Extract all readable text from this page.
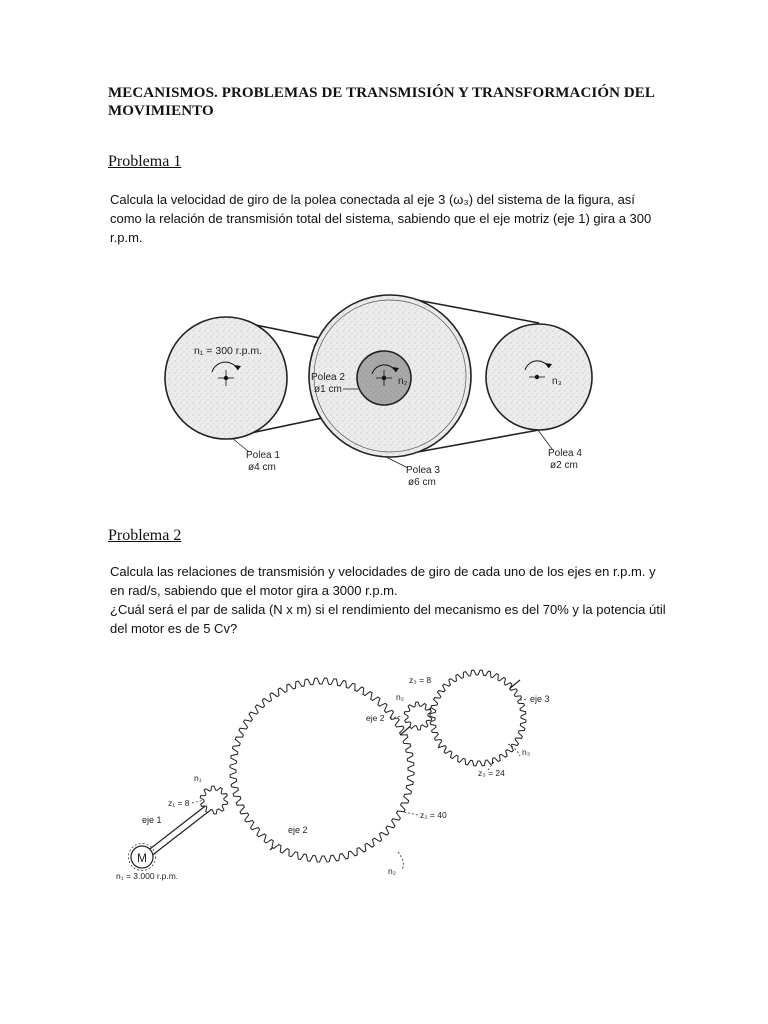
MECANISMOS. PROBLEMAS DE TRANSMISIÓN Y TRANSFORMACIÓN DEL
MOVIMIENTO
Problema 1
Calcula la velocidad de giro de la polea conectada al eje 3 (ω₃) del sistema de la figura, así
como la relación de transmisión total del sistema, sabiendo que el eje motriz (eje 1) gira a 300
r.p.m.
Problema 2
Calcula las relaciones de transmisión y velocidades de giro de cada uno de los ejes en r.p.m. y
en rad/s, sabiendo que el motor gira a 3000 r.p.m.
¿Cuál será el par de salida (N x m) si el rendimiento del mecanismo es del 70% y la potencia útil
del motor es de 5 Cv?
n₁ = 300 r.p.m.
n₂	n₃
Polea 2
ø1 cm
Polea 1
ø4 cm	Polea 3
ø6 cm
Polea 4
ø2 cm
M
n₁ = 3.000 r.p.m.
eje 1
z₁ = 8
n₁
eje 2
z₂ = 40
n₂
eje 2
n₂
z₃ = 8
eje 3
n₃
z₃ = 24
